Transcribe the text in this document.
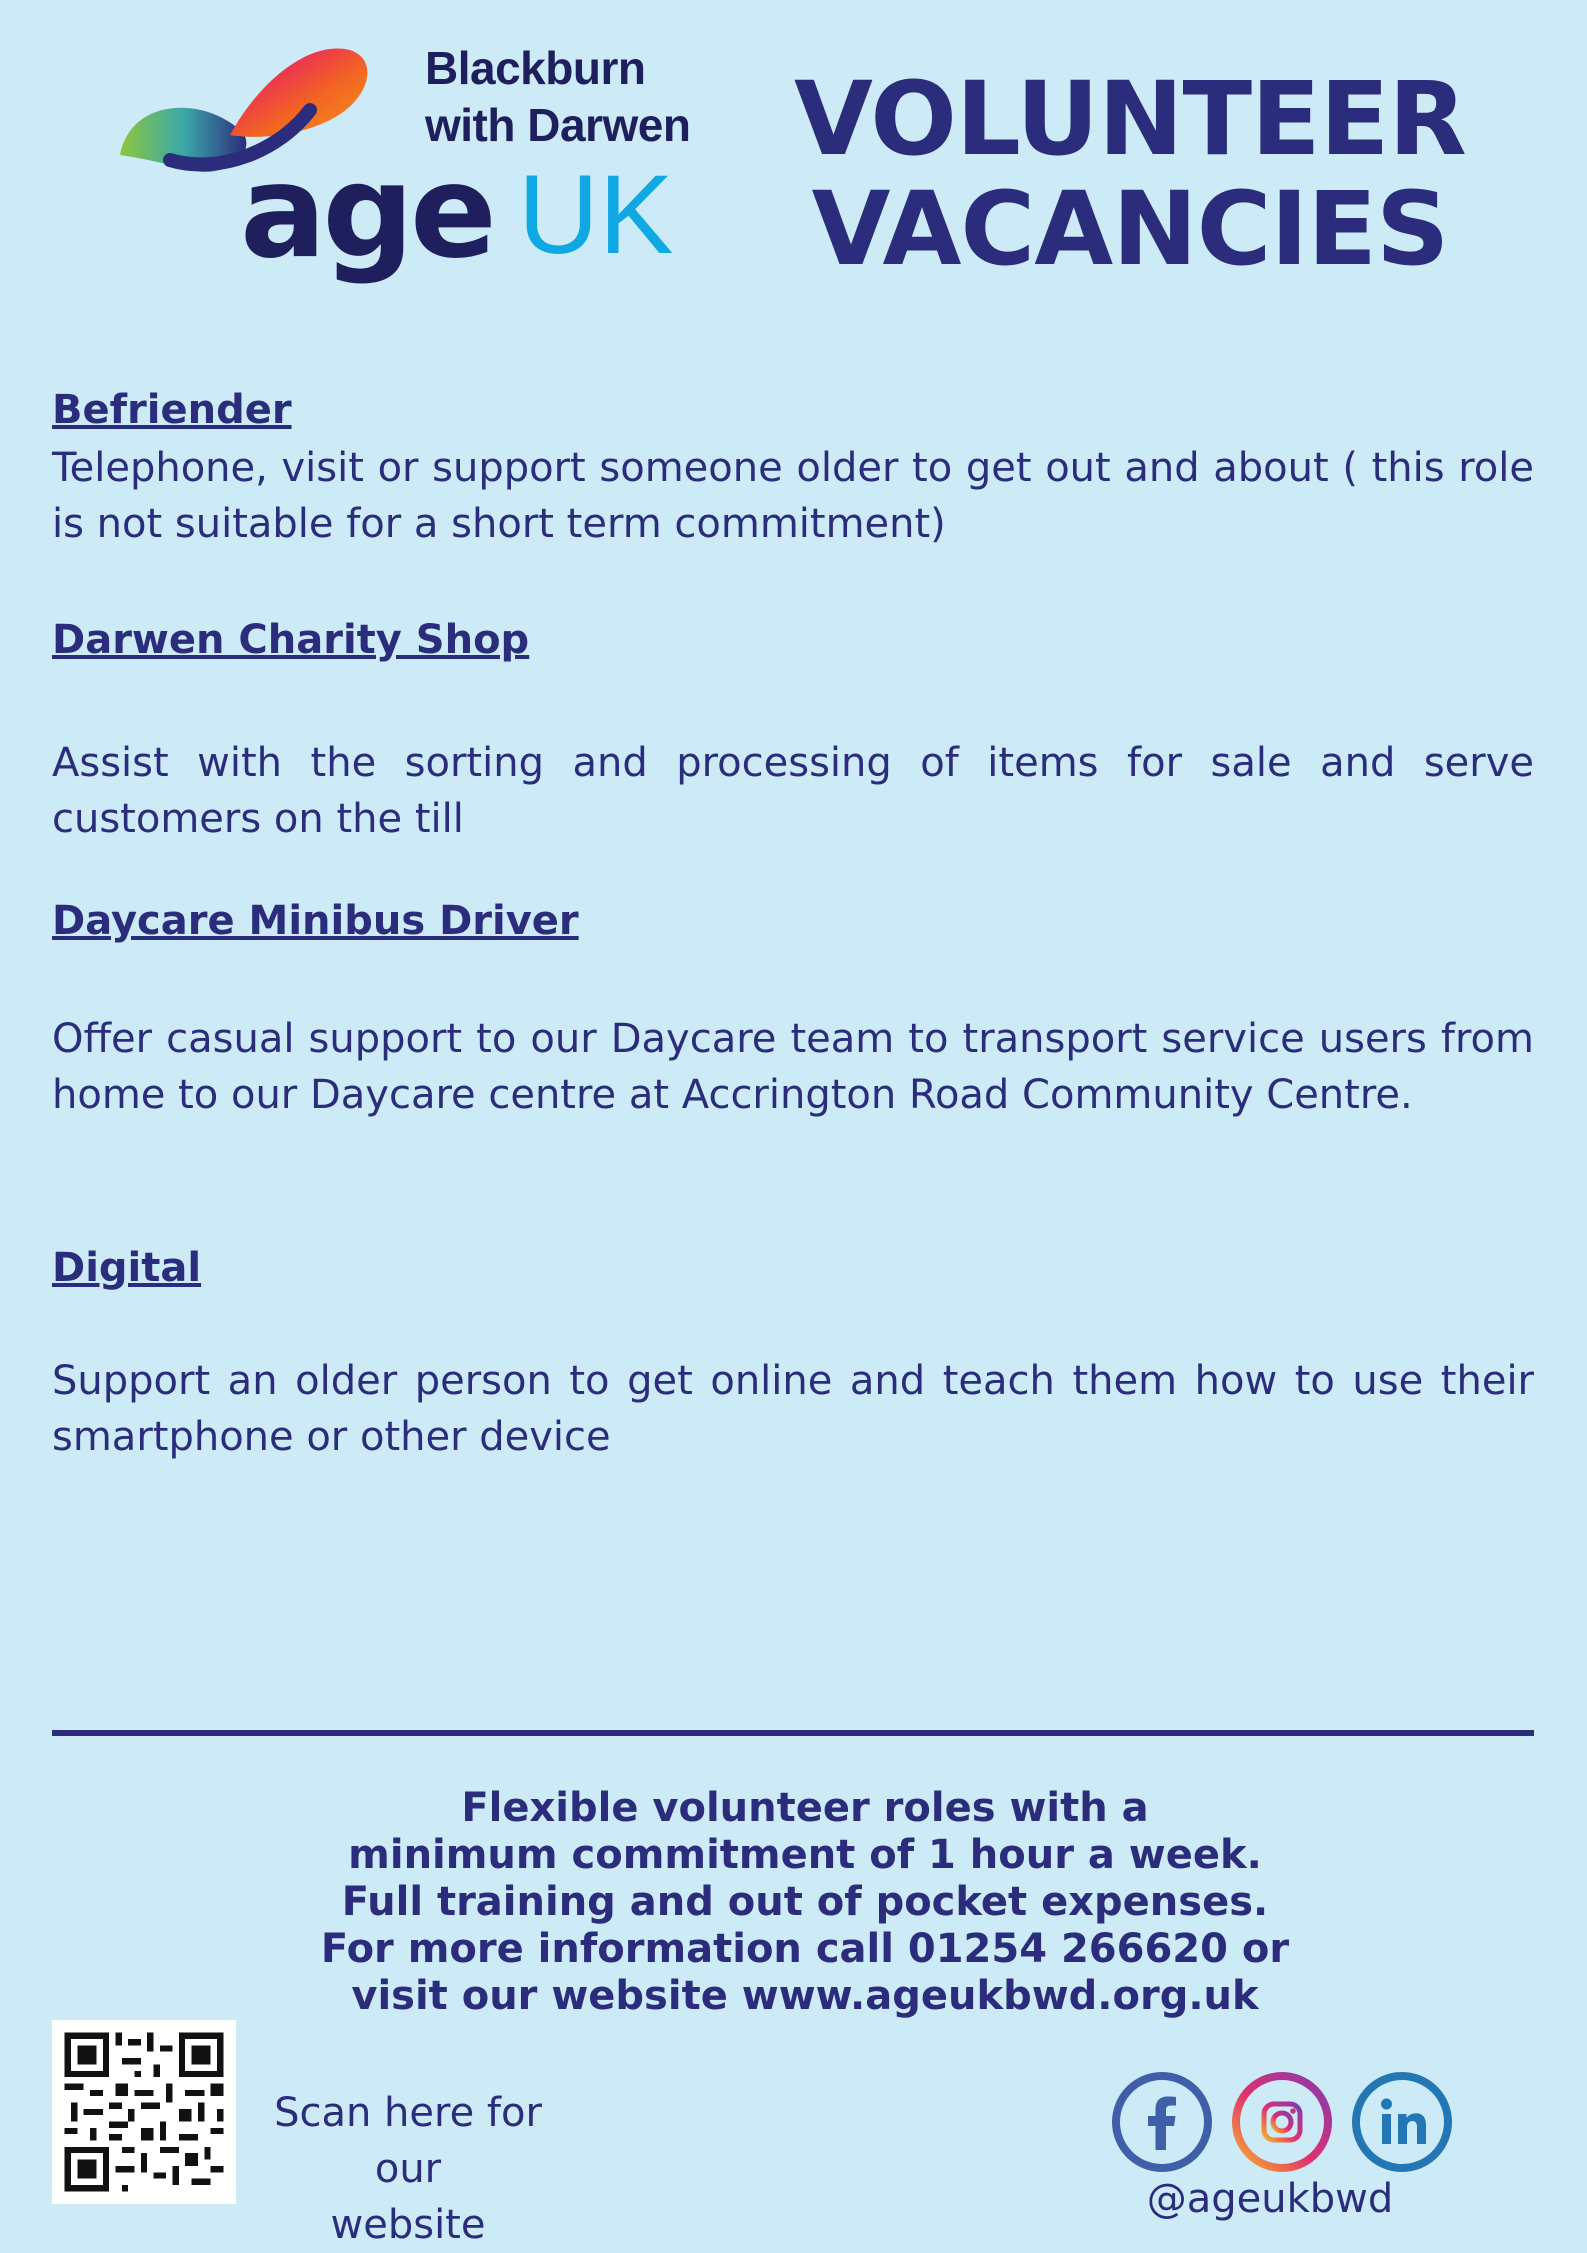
Blackburn
with Darwen
age UK
VOLUNTEER
VACANCIES
Befriender
Telephone, visit or support someone older to get out and about ( this role is not suitable for a short term commitment)
Darwen Charity Shop
Assist with the sorting and processing of items for sale and serve customers on the till
Daycare Minibus Driver
Offer casual support to our Daycare team to transport service users from home to our Daycare centre at Accrington Road Community Centre.
Digital
Support an older person to get online and teach them how to use their smartphone or other device
Flexible volunteer roles with a
minimum commitment of 1 hour a week.
Full training and out of pocket expenses.
For more information call 01254 266620 or
visit our website www.ageukbwd.org.uk
Scan here for our
website
@ageukbwd
